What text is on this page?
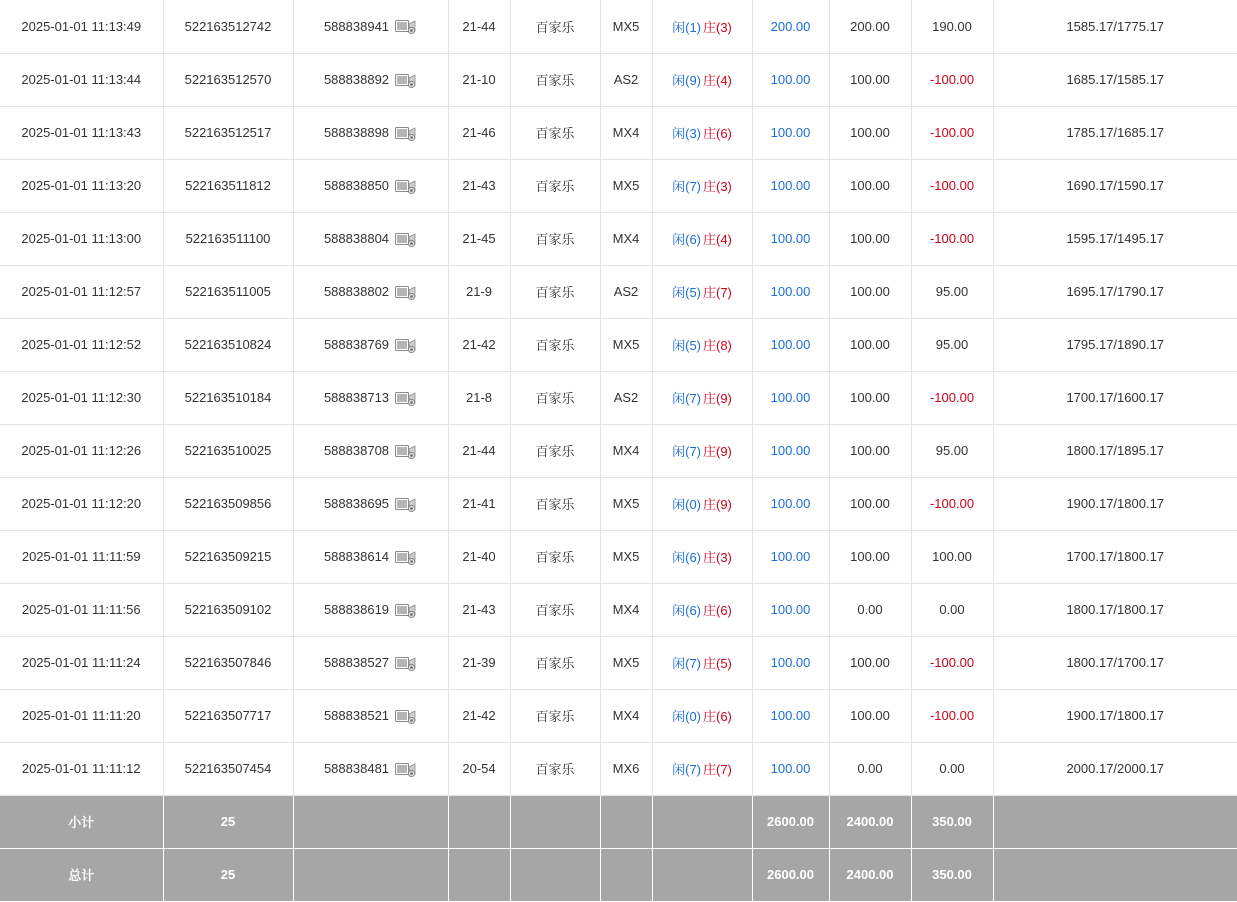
2025-01-01 11:13:49	522163512742	588838941	21-44	百家乐	MX5	闲(1) 庄(3)	200.00	200.00	190.00	1585.17/1775.17
2025-01-01 11:13:44	522163512570	588838892	21-10	百家乐	AS2	闲(9) 庄(4)	100.00	100.00	-100.00	1685.17/1585.17
2025-01-01 11:13:43	522163512517	588838898	21-46	百家乐	MX4	闲(3) 庄(6)	100.00	100.00	-100.00	1785.17/1685.17
2025-01-01 11:13:20	522163511812	588838850	21-43	百家乐	MX5	闲(7) 庄(3)	100.00	100.00	-100.00	1690.17/1590.17
2025-01-01 11:13:00	522163511100	588838804	21-45	百家乐	MX4	闲(6) 庄(4)	100.00	100.00	-100.00	1595.17/1495.17
2025-01-01 11:12:57	522163511005	588838802	21-9	百家乐	AS2	闲(5) 庄(7)	100.00	100.00	95.00	1695.17/1790.17
2025-01-01 11:12:52	522163510824	588838769	21-42	百家乐	MX5	闲(5) 庄(8)	100.00	100.00	95.00	1795.17/1890.17
2025-01-01 11:12:30	522163510184	588838713	21-8	百家乐	AS2	闲(7) 庄(9)	100.00	100.00	-100.00	1700.17/1600.17
2025-01-01 11:12:26	522163510025	588838708	21-44	百家乐	MX4	闲(7) 庄(9)	100.00	100.00	95.00	1800.17/1895.17
2025-01-01 11:12:20	522163509856	588838695	21-41	百家乐	MX5	闲(0) 庄(9)	100.00	100.00	-100.00	1900.17/1800.17
2025-01-01 11:11:59	522163509215	588838614	21-40	百家乐	MX5	闲(6) 庄(3)	100.00	100.00	100.00	1700.17/1800.17
2025-01-01 11:11:56	522163509102	588838619	21-43	百家乐	MX4	闲(6) 庄(6)	100.00	0.00	0.00	1800.17/1800.17
2025-01-01 11:11:24	522163507846	588838527	21-39	百家乐	MX5	闲(7) 庄(5)	100.00	100.00	-100.00	1800.17/1700.17
2025-01-01 11:11:20	522163507717	588838521	21-42	百家乐	MX4	闲(0) 庄(6)	100.00	100.00	-100.00	1900.17/1800.17
2025-01-01 11:11:12	522163507454	588838481	20-54	百家乐	MX6	闲(7) 庄(7)	100.00	0.00	0.00	2000.17/2000.17
小计	25						2600.00	2400.00	350.00	
总计	25						2600.00	2400.00	350.00	
